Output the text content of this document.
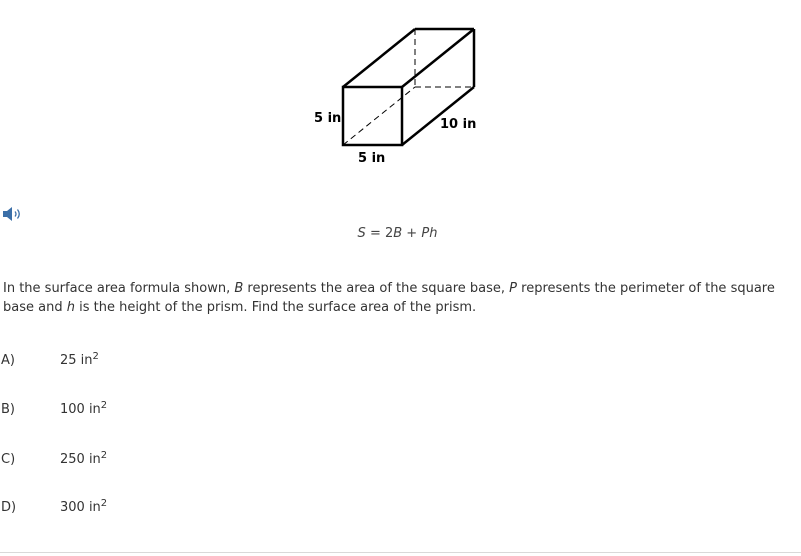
5 in
5 in
10 in
S = 2B + Ph
In the surface area formula shown, B represents the area of the square base, P represents the perimeter of the square base and h is the height of the prism. Find the surface area of the prism.
A)	25 $in^2$
B)	100 $in^2$
C)	250 $in^2$
D)	300 $in^2$
